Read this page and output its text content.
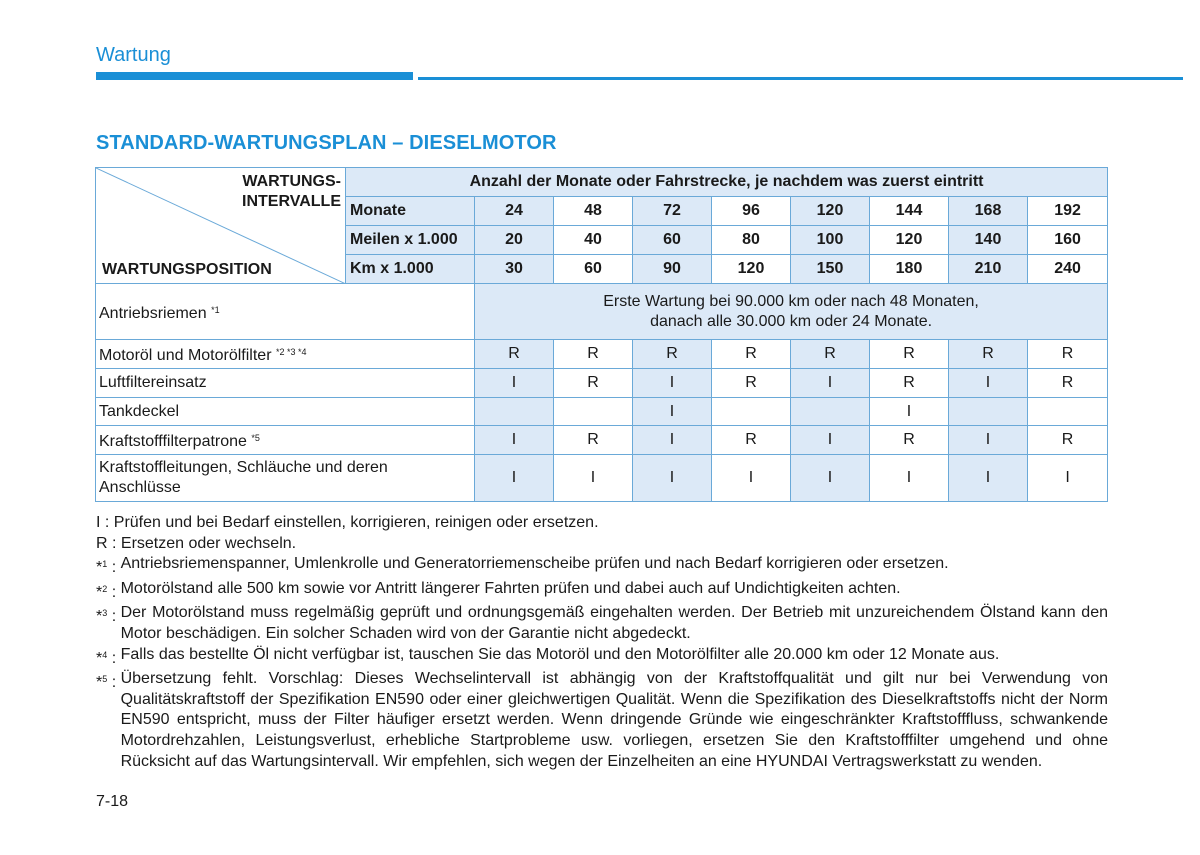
Wartung
STANDARD-WARTUNGSPLAN – DIESELMOTOR
WARTUNGS-
INTERVALLE
WARTUNGSPOSITION	Anzahl der Monate oder Fahrstrecke, je nachdem was zuerst eintritt								
	Monate	24	48	72	96	120	144	168	192
	Meilen x 1.000	20	40	60	80	100	120	140	160
	Km x 1.000	30	60	90	120	150	180	210	240
Antriebsriemen $^{*1}$		Erste Wartung bei 90.000 km oder nach 48 Monaten,
danach alle 30.000 km oder 24 Monate.							

Motoröl und Motorölfilter $^{*2 *3 *4}$		R	R	R	R	R	R	R	R
Luftfiltereinsatz		I	R	I	R	I	R	I	R
Tankdeckel				I			I		
Kraftstofffilterpatrone $^{*5}$		I	R	I	R	I	R	I	R

Kraftstoffleitungen, Schläuche und deren
Anschlüsse		I	I	I	I	I	I	I	I
I : Prüfen und bei Bedarf einstellen, korrigieren, reinigen oder ersetzen.
R : Ersetzen oder wechseln.
*$^1$ : Antriebsriemenspanner, Umlenkrolle und Generatorriemenscheibe prüfen und nach Bedarf korrigieren oder ersetzen.
*$^2$ : Motorölstand alle 500 km sowie vor Antritt längerer Fahrten prüfen und dabei auch auf Undichtigkeiten achten.
*$^3$ : Der Motorölstand muss regelmäßig geprüft und ordnungsgemäß eingehalten werden. Der Betrieb mit unzureichendem Ölstand kann den Motor beschädigen. Ein solcher Schaden wird von der Garantie nicht abgedeckt.
*$^4$ : Falls das bestellte Öl nicht verfügbar ist, tauschen Sie das Motoröl und den Motorölfilter alle 20.000 km oder 12 Monate aus.
*$^5$ : Übersetzung fehlt. Vorschlag: Dieses Wechselintervall ist abhängig von der Kraftstoffqualität und gilt nur bei Verwendung von Qualitätskraftstoff der Spezifikation EN590 oder einer gleichwertigen Qualität. Wenn die Spezifikation des Dieselkraftstoffs nicht der Norm EN590 entspricht, muss der Filter häufiger ersetzt werden. Wenn dringende Gründe wie eingeschränkter Kraftstofffluss, schwankende Motordrehzahlen, Leistungsverlust, erhebliche Startprobleme usw. vorliegen, ersetzen Sie den Kraftstofffilter umgehend und ohne Rücksicht auf das Wartungsintervall. Wir empfehlen, sich wegen der Einzelheiten an eine HYUNDAI Vertragswerkstatt zu wenden.
7-18
